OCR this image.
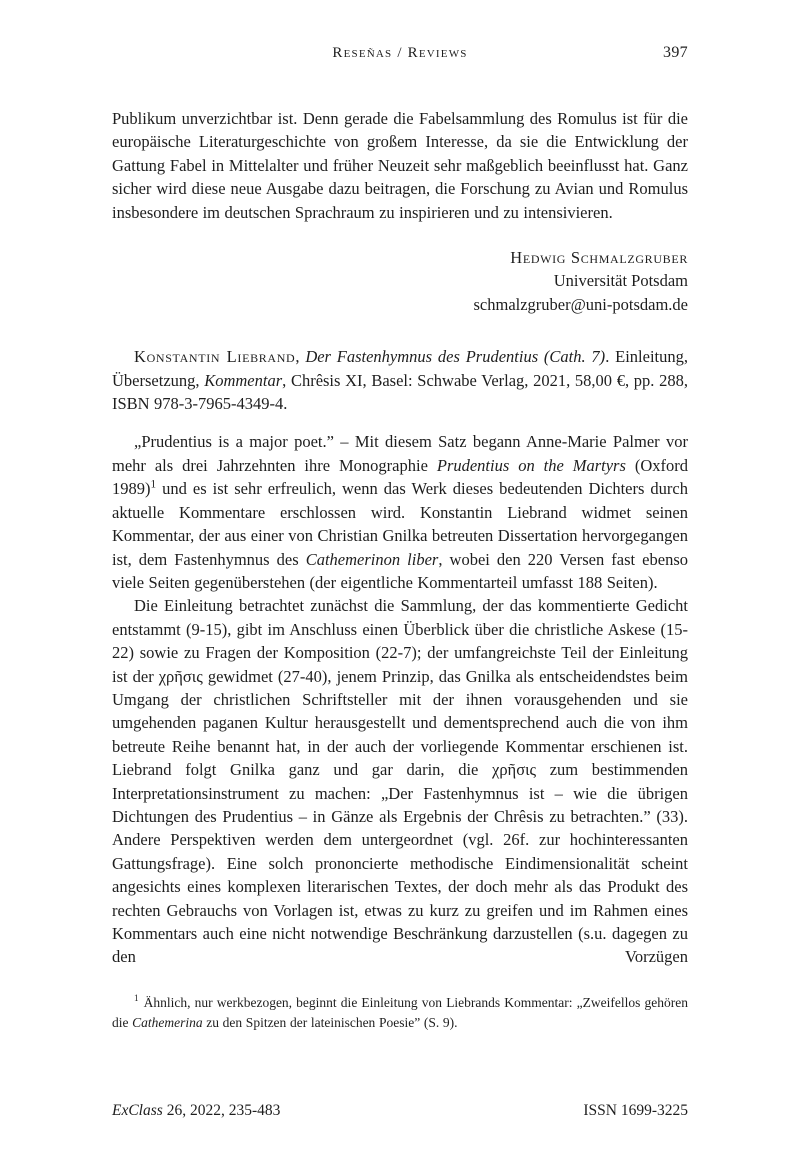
Reseñas / Reviews	397

Publikum unverzichtbar ist. Denn gerade die Fabelsammlung des Romulus ist für die europäische Literaturgeschichte von großem Interesse, da sie die Entwicklung der Gattung Fabel in Mittelalter und früher Neuzeit sehr maßgeblich beeinflusst hat. Ganz sicher wird diese neue Ausgabe dazu beitragen, die Forschung zu Avian und Romulus insbesondere im deutschen Sprachraum zu inspirieren und zu intensivieren.

Hedwig Schmalzgruber
Universität Potsdam
schmalzgruber@uni-potsdam.de

Konstantin Liebrand, Der Fastenhymnus des Prudentius (Cath. 7). Einleitung, Übersetzung, Kommentar, Chrêsis XI, Basel: Schwabe Verlag, 2021, 58,00 €, pp. 288, ISBN 978-3-7965-4349-4.

„Prudentius is a major poet.” – Mit diesem Satz begann Anne-Marie Palmer vor mehr als drei Jahrzehnten ihre Monographie Prudentius on the Martyrs (Oxford 1989)$^1$ und es ist sehr erfreulich, wenn das Werk dieses bedeutenden Dichters durch aktuelle Kommentare erschlossen wird. Konstantin Liebrand widmet seinen Kommentar, der aus einer von Christian Gnilka betreuten Dissertation hervorgegangen ist, dem Fastenhymnus des Cathemerinon liber, wobei den 220 Versen fast ebenso viele Seiten gegenüberstehen (der eigentliche Kommentarteil umfasst 188 Seiten).

Die Einleitung betrachtet zunächst die Sammlung, der das kommentierte Gedicht entstammt (9-15), gibt im Anschluss einen Überblick über die christliche Askese (15-22) sowie zu Fragen der Komposition (22-7); der umfangreichste Teil der Einleitung ist der χρῆσις gewidmet (27-40), jenem Prinzip, das Gnilka als entscheidendstes beim Umgang der christlichen Schriftsteller mit der ihnen vorausgehenden und sie umgehenden paganen Kultur herausgestellt und dementsprechend auch die von ihm betreute Reihe benannt hat, in der auch der vorliegende Kommentar erschienen ist. Liebrand folgt Gnilka ganz und gar darin, die χρῆσις zum bestimmenden Interpretationsinstrument zu machen: „Der Fastenhymnus ist – wie die übrigen Dichtungen des Prudentius – in Gänze als Ergebnis der Chrêsis zu betrachten.” (33). Andere Perspektiven werden dem untergeordnet (vgl. 26f. zur hochinteressanten Gattungsfrage). Eine solch prononcierte methodische Eindimensionalität scheint angesichts eines komplexen literarischen Textes, der doch mehr als das Produkt des rechten Gebrauchs von Vorlagen ist, etwas zu kurz zu greifen und im Rahmen eines Kommentars auch eine nicht notwendige Beschränkung darzustellen (s.u. dagegen zu den Vorzügen

$^1$ Ähnlich, nur werkbezogen, beginnt die Einleitung von Liebrands Kommentar: „Zweifellos gehören die Cathemerina zu den Spitzen der lateinischen Poesie” (S. 9).

ExClass 26, 2022, 235-483	ISSN 1699-3225
